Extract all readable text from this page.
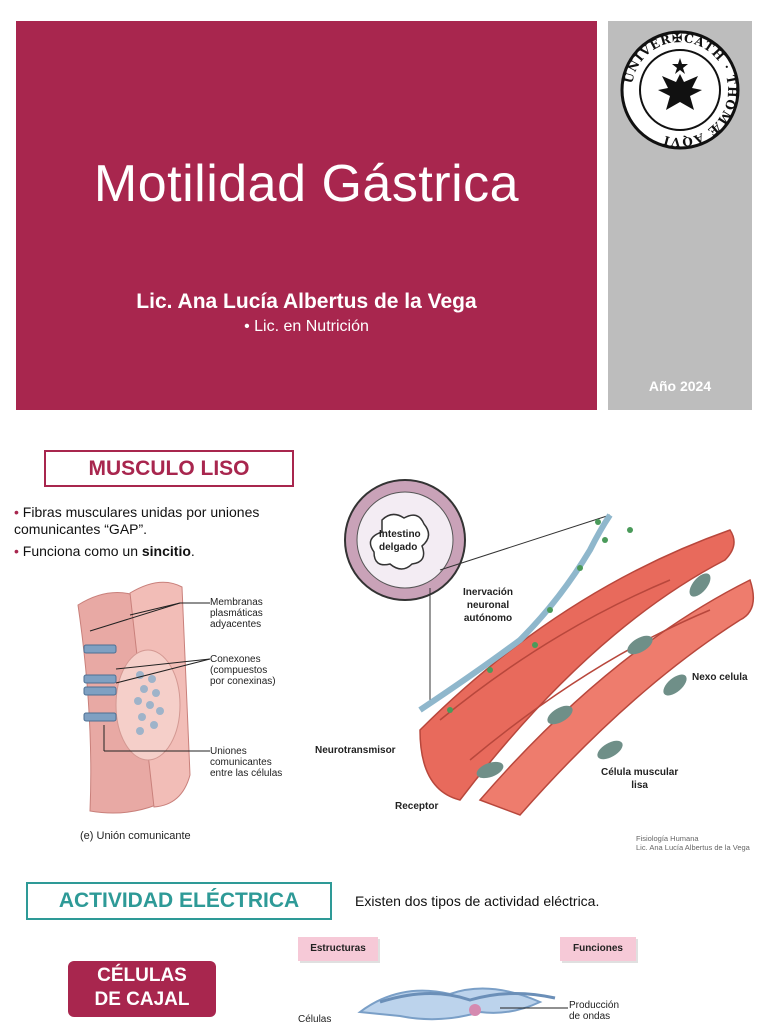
Motilidad Gástrica
Lic. Ana Lucía Albertus de la Vega
• Lic. en Nutrición
Año 2024
UNIVER✠CATH · THOMÆ AQVI
MUSCULO LISO
• Fibras musculares unidas por uniones comunicantes “GAP”.
• Funciona como un sincitio.
Membranas
plasmáticas
adyacentes
Conexones
(compuestos
por conexinas)
Uniones
comunicantes
entre las células
(e) Unión comunicante
Intestino
delgado
Inervación
neuronal
autónomo
Nexo celula
Neurotransmisor
Célula muscular
lisa
Receptor
Fisiología Humana
Lic. Ana Lucía Albertus de la Vega
ACTIVIDAD ELÉCTRICA	Existen dos tipos de actividad eléctrica.
CÉLULAS
DE CAJAL
Estructuras	Funciones
Células
Producción
de ondas
